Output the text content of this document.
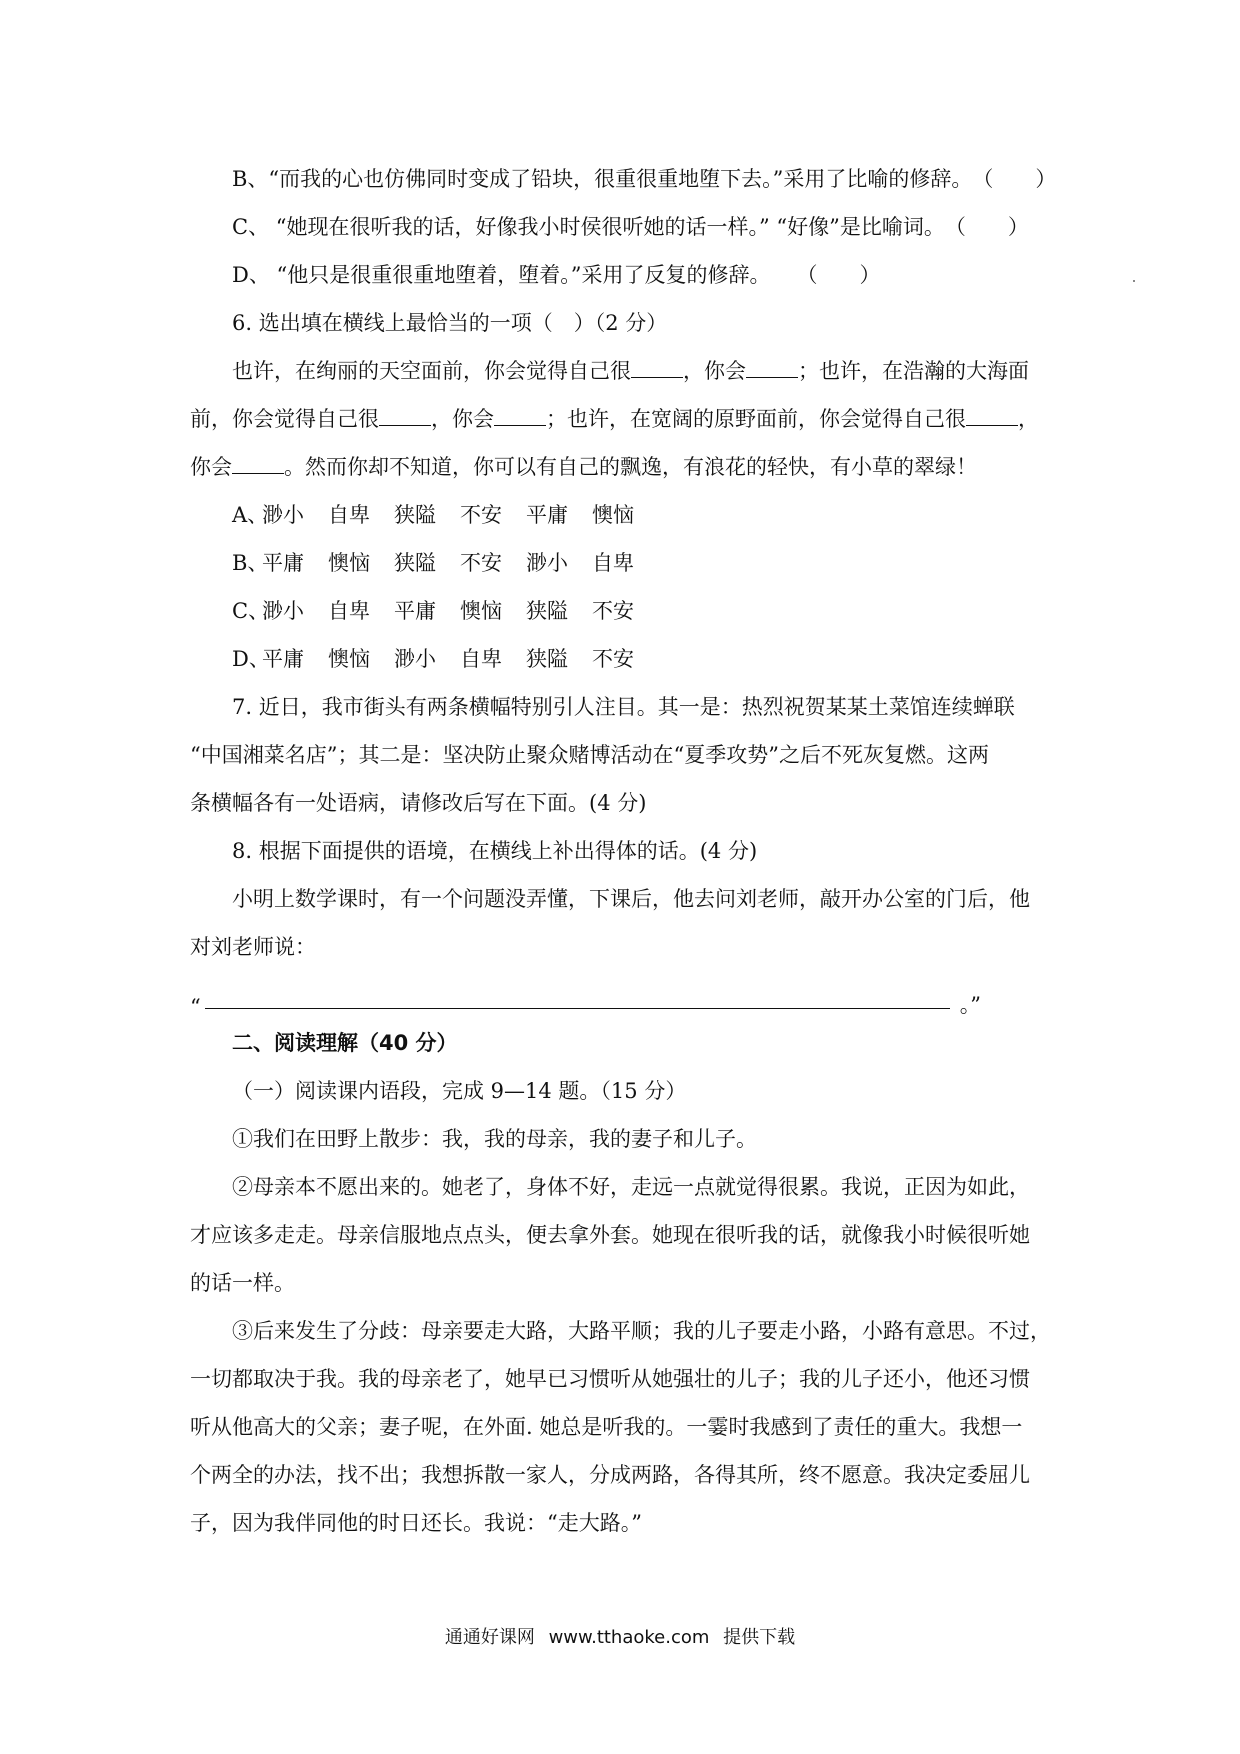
B、“而我的心也仿佛同时变成了铅块，很重很重地堕下去。”采用了比喻的修辞。（　　）
C、 “她现在很听我的话，好像我小时侯很听她的话一样。” “好像”是比喻词。（　　）
D、 “他只是很重很重地堕着，堕着。”采用了反复的修辞。 （　　）
6. 选出填在横线上最恰当的一项（　）（2 分）
也许，在绚丽的天空面前，你会觉得自己很 ，你会 ；也许，在浩瀚的大海面
前，你会觉得自己很 ，你会 ；也许，在宽阔的原野面前，你会觉得自己很 ，
你会 。然而你却不知道，你可以有自己的飘逸，有浪花的轻快，有小草的翠绿！
A、
渺小	自卑	狭隘	不安	平庸	懊恼
B、
平庸	懊恼	狭隘	不安	渺小	自卑
C、
渺小	自卑	平庸	懊恼	狭隘	不安
D、
平庸	懊恼	渺小	自卑	狭隘	不安
7. 近日，我市街头有两条横幅特别引人注目。其一是：热烈祝贺某某土菜馆连续蝉联
“中国湘菜名店”；其二是：坚决防止聚众赌博活动在“夏季攻势”之后不死灰复燃。这两
条横幅各有一处语病，请修改后写在下面。(4 分)
8. 根据下面提供的语境，在横线上补出得体的话。(4 分)
小明上数学课时，有一个问题没弄懂，下课后，他去问刘老师，敲开办公室的门后，他
对刘老师说：
“	。”
二、阅读理解（40 分）
（一）阅读课内语段，完成 9—14 题。（15 分）
①我们在田野上散步：我，我的母亲，我的妻子和儿子。
②母亲本不愿出来的。她老了，身体不好，走远一点就觉得很累。我说，正因为如此，
才应该多走走。母亲信服地点点头，便去拿外套。她现在很听我的话，就像我小时候很听她
的话一样。
③后来发生了分歧：母亲要走大路，大路平顺；我的儿子要走小路，小路有意思。不过，
一切都取决于我。我的母亲老了，她早已习惯听从她强壮的儿子；我的儿子还小，他还习惯
听从他高大的父亲；妻子呢，在外面. 她总是听我的。一霎时我感到了责任的重大。我想一
个两全的办法，找不出；我想拆散一家人，分成两路，各得其所，终不愿意。我决定委屈儿
子，因为我伴同他的时日还长。我说：“走大路。”
通通好课网 www.tthaoke.com 提供下载
